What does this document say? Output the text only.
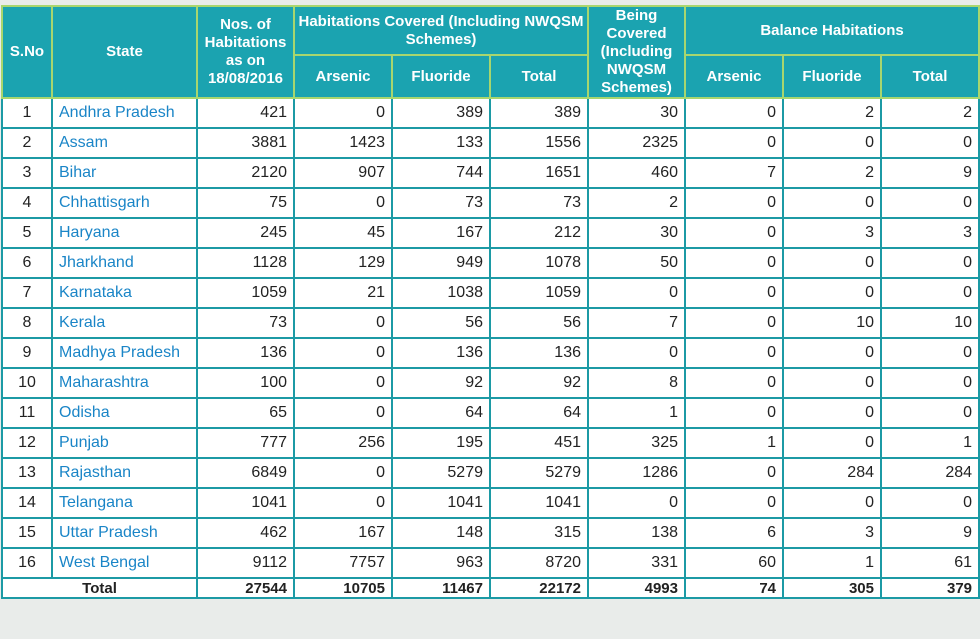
S.No	State	Nos. of Habitations as on 18/08/2016	Habitations Covered (Including NWQSM Schemes)			Being Covered (Including NWQSM Schemes)	Balance Habitations		
			Arsenic	Fluoride	Total		Arsenic	Fluoride	Total
1	Andhra Pradesh	421	0	389	389	30	0	2	2
2	Assam	3881	1423	133	1556	2325	0	0	0
3	Bihar	2120	907	744	1651	460	7	2	9
4	Chhattisgarh	75	0	73	73	2	0	0	0
5	Haryana	245	45	167	212	30	0	3	3
6	Jharkhand	1128	129	949	1078	50	0	0	0
7	Karnataka	1059	21	1038	1059	0	0	0	0
8	Kerala	73	0	56	56	7	0	10	10
9	Madhya Pradesh	136	0	136	136	0	0	0	0
10	Maharashtra	100	0	92	92	8	0	0	0
11	Odisha	65	0	64	64	1	0	0	0
12	Punjab	777	256	195	451	325	1	0	1
13	Rajasthan	6849	0	5279	5279	1286	0	284	284
14	Telangana	1041	0	1041	1041	0	0	0	0
15	Uttar Pradesh	462	167	148	315	138	6	3	9
16	West Bengal	9112	7757	963	8720	331	60	1	61
Total		27544	10705	11467	22172	4993	74	305	379
